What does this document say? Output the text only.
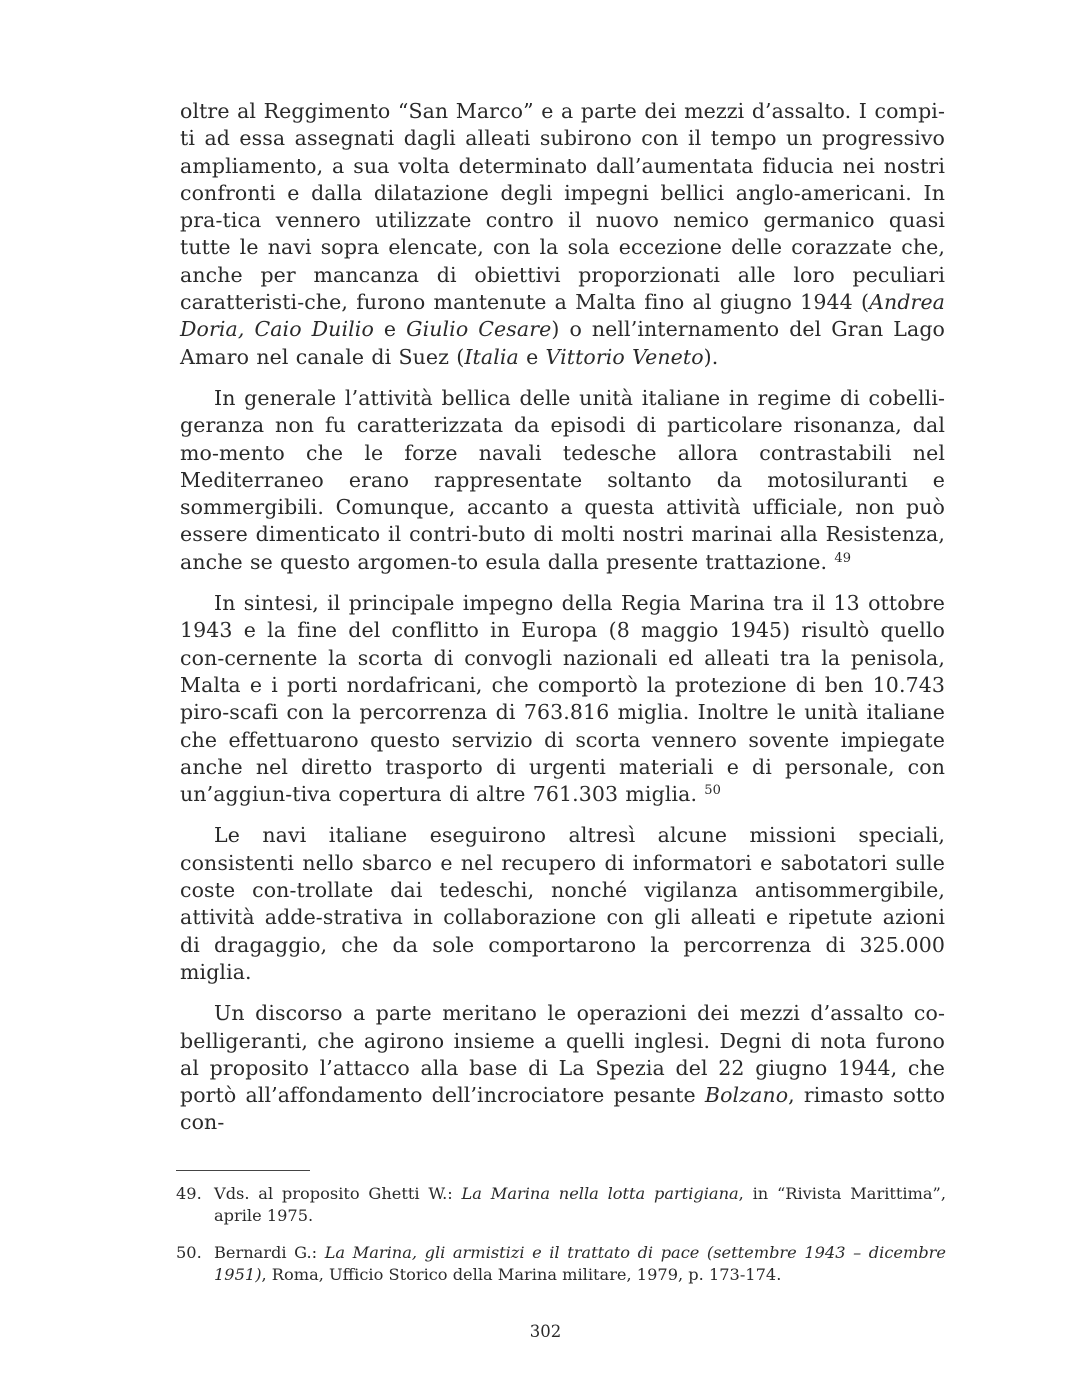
oltre al Reggimento “San Marco” e a parte dei mezzi d’assalto. I compi-ti ad essa assegnati dagli alleati subirono con il tempo un progressivo ampliamento, a sua volta determinato dall’aumentata fiducia nei nostri confronti e dalla dilatazione degli impegni bellici anglo-americani. In pra-tica vennero utilizzate contro il nuovo nemico germanico quasi tutte le navi sopra elencate, con la sola eccezione delle corazzate che, anche per mancanza di obiettivi proporzionati alle loro peculiari caratteristi-che, furono mantenute a Malta fino al giugno 1944 (Andrea Doria, Caio Duilio e Giulio Cesare) o nell’internamento del Gran Lago Amaro nel canale di Suez (Italia e Vittorio Veneto).

In generale l’attività bellica delle unità italiane in regime di cobelli-geranza non fu caratterizzata da episodi di particolare risonanza, dal mo-mento che le forze navali tedesche allora contrastabili nel Mediterraneo erano rappresentate soltanto da motosiluranti e sommergibili. Comunque, accanto a questa attività ufficiale, non può essere dimenticato il contri-buto di molti nostri marinai alla Resistenza, anche se questo argomen-to esula dalla presente trattazione. $^{49}$

In sintesi, il principale impegno della Regia Marina tra il 13 ottobre 1943 e la fine del conflitto in Europa (8 maggio 1945) risultò quello con-cernente la scorta di convogli nazionali ed alleati tra la penisola, Malta e i porti nordafricani, che comportò la protezione di ben 10.743 piro-scafi con la percorrenza di 763.816 miglia. Inoltre le unità italiane che effettuarono questo servizio di scorta vennero sovente impiegate anche nel diretto trasporto di urgenti materiali e di personale, con un’aggiun-tiva copertura di altre 761.303 miglia. $^{50}$

Le navi italiane eseguirono altresì alcune missioni speciali, consistenti nello sbarco e nel recupero di informatori e sabotatori sulle coste con-trollate dai tedeschi, nonché vigilanza antisommergibile, attività adde-strativa in collaborazione con gli alleati e ripetute azioni di dragaggio, che da sole comportarono la percorrenza di 325.000 miglia.

Un discorso a parte meritano le operazioni dei mezzi d’assalto co-belligeranti, che agirono insieme a quelli inglesi. Degni di nota furono al proposito l’attacco alla base di La Spezia del 22 giugno 1944, che portò all’affondamento dell’incrociatore pesante Bolzano, rimasto sotto con-

49. Vds. al proposito Ghetti W.: La Marina nella lotta partigiana, in “Rivista Marittima”, aprile 1975.

50. Bernardi G.: La Marina, gli armistizi e il trattato di pace (settembre 1943 – dicembre 1951), Roma, Ufficio Storico della Marina militare, 1979, p. 173-174.

302
